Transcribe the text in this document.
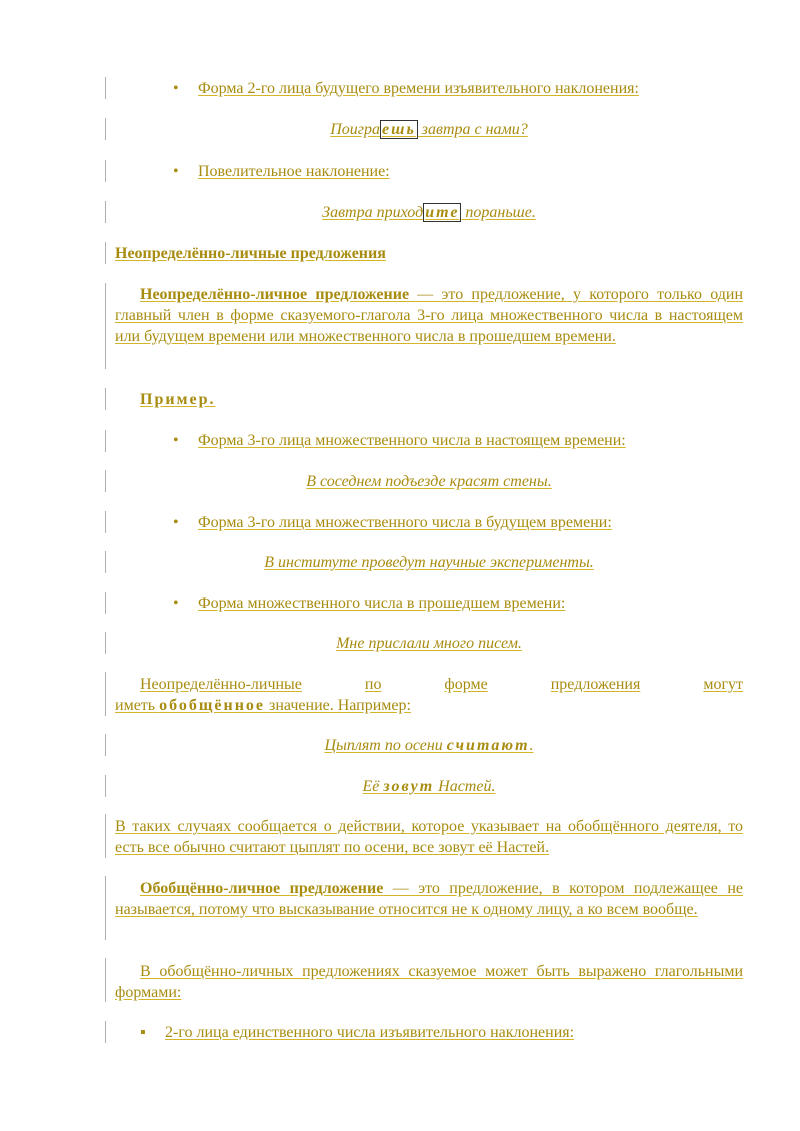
• Форма 2-го лица будущего времени изъявительного наклонения:
Поигра ешь завтра с нами?
• Повелительное наклонение:
Завтра приход ите пораньше.
Неопределённо-личные предложения
Неопределённо-личное предложение — это предложение, у которого только один главный член в форме сказуемого-глагола 3-го лица множественного числа в настоящем или будущем времени или множественного числа в прошедшем времени.
Пример.
• Форма 3-го лица множественного числа в настоящем времени:
В соседнем подъезде красят стены.
• Форма 3-го лица множественного числа в будущем времени:
В институте проведут научные эксперименты.
• Форма множественного числа в прошедшем времени:
Мне прислали много писем.
Неопределённо-личные	по	форме	предложения	могут
иметь обобщённое значение. Например:
Цыплят по осени считают.
Её зовут Настей.
В таких случаях сообщается о действии, которое указывает на обобщённого деятеля, то есть все обычно считают цыплят по осени, все зовут её Настей.
Обобщённо-личное предложение — это предложение, в котором подлежащее не называется, потому что высказывание относится не к одному лицу, а ко всем вообще.
В обобщённо-личных предложениях сказуемое может быть выражено глагольными формами:
▪ 2-го лица единственного числа изъявительного наклонения:
